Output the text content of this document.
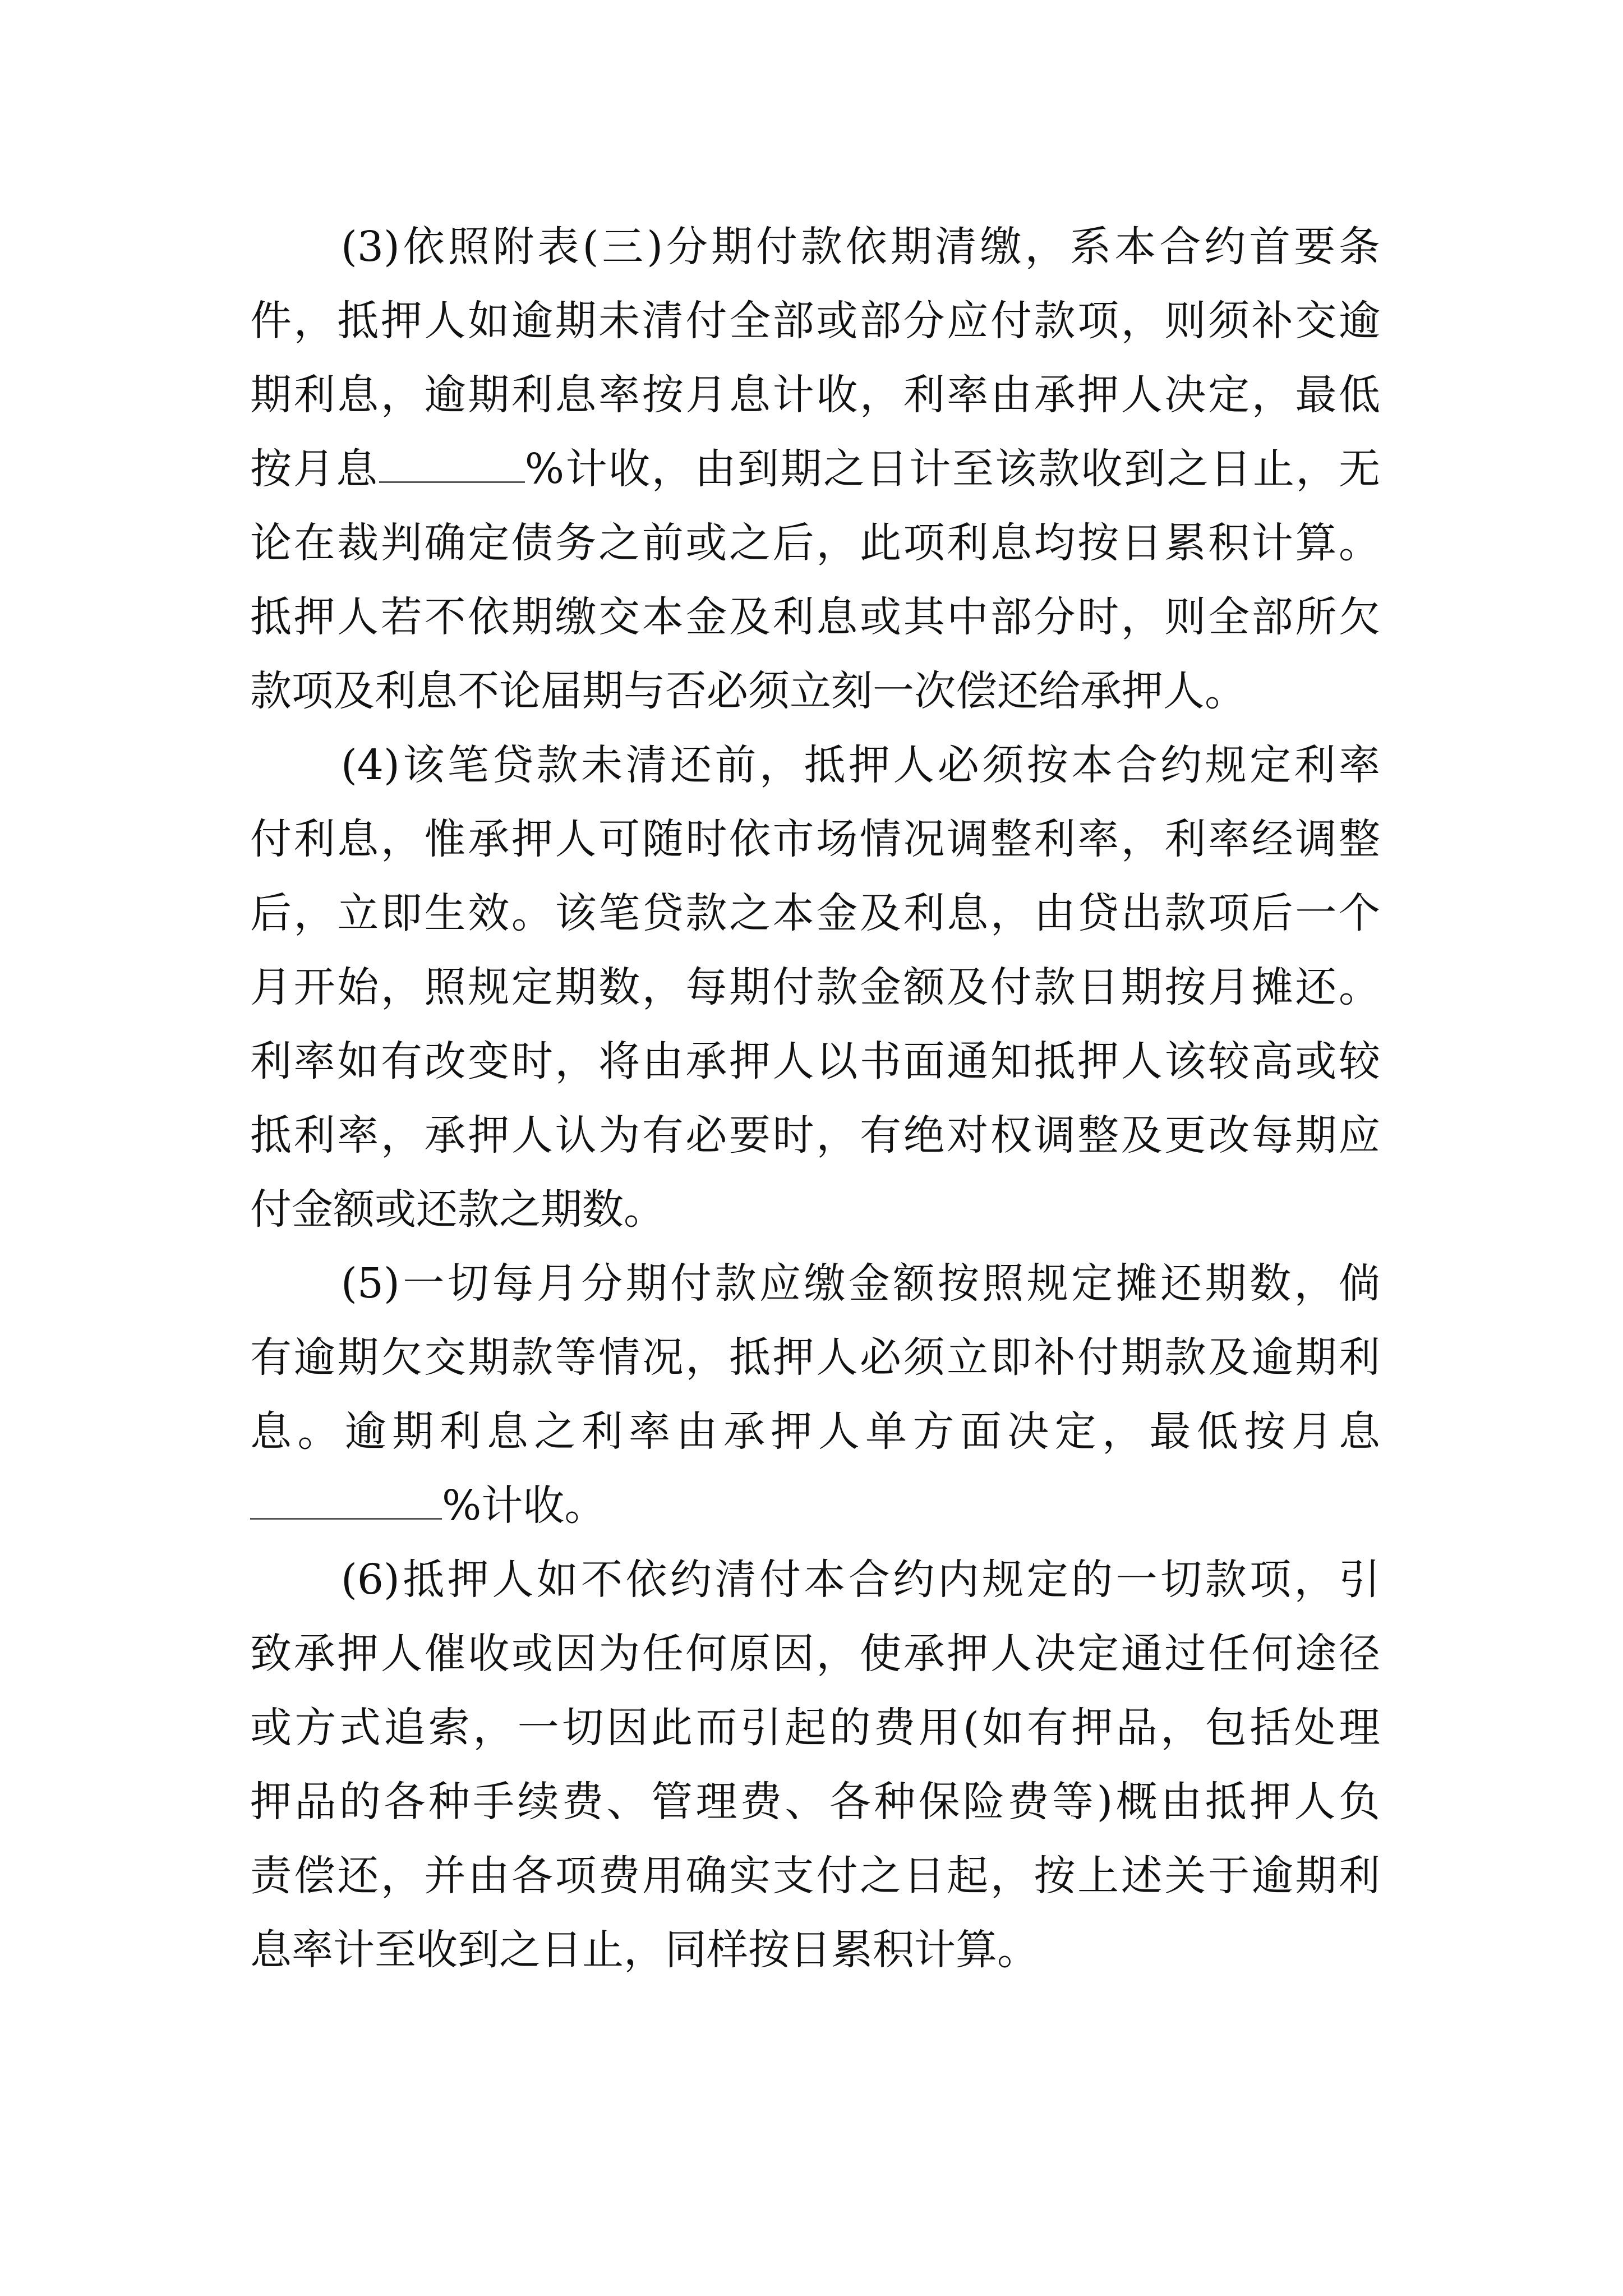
(3)依照附表(三)分期付款依期清缴，系本合约首要条
件，抵押人如逾期未清付全部或部分应付款项，则须补交逾
期利息，逾期利息率按月息计收，利率由承押人决定，最低
按月息	%计收，由到期之日计至该款收到之日止，无
论在裁判确定债务之前或之后，此项利息均按日累积计算。
抵押人若不依期缴交本金及利息或其中部分时，则全部所欠
款项及利息不论届期与否必须立刻一次偿还给承押人。
(4)该笔贷款未清还前，抵押人必须按本合约规定利率
付利息，惟承押人可随时依市场情况调整利率，利率经调整
后，立即生效。该笔贷款之本金及利息，由贷出款项后一个
月开始，照规定期数，每期付款金额及付款日期按月摊还。
利率如有改变时，将由承押人以书面通知抵押人该较高或较
抵利率，承押人认为有必要时，有绝对权调整及更改每期应
付金额或还款之期数。
(5)一切每月分期付款应缴金额按照规定摊还期数，倘
有逾期欠交期款等情况，抵押人必须立即补付期款及逾期利
息。逾期利息之利率由承押人单方面决定，最低按月息
%计收。
(6)抵押人如不依约清付本合约内规定的一切款项，引
致承押人催收或因为任何原因，使承押人决定通过任何途径
或方式追索，一切因此而引起的费用(如有押品，包括处理
押品的各种手续费、管理费、各种保险费等)概由抵押人负
责偿还，并由各项费用确实支付之日起，按上述关于逾期利
息率计至收到之日止，同样按日累积计算。
